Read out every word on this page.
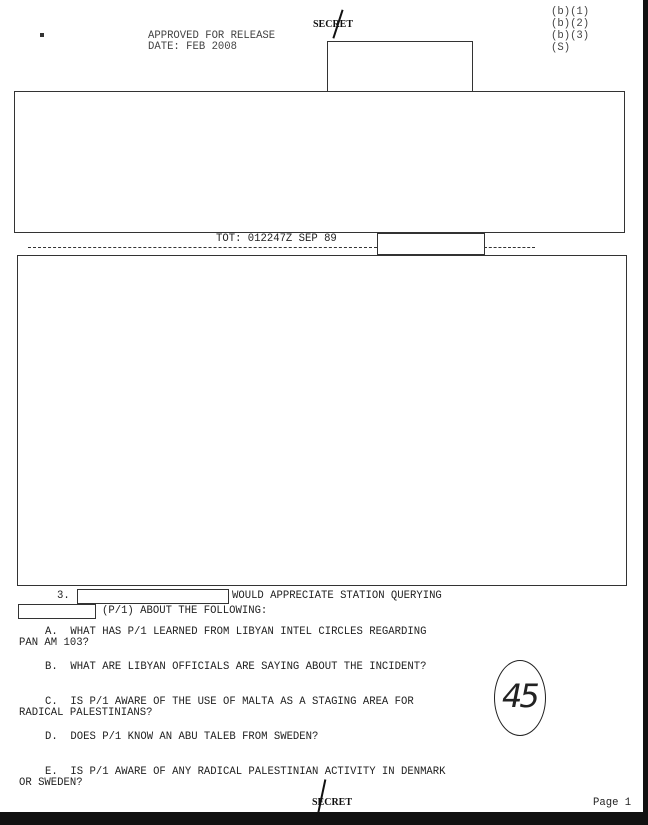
APPROVED FOR RELEASE
DATE: FEB 2008
SECRET
(b)(1)
(b)(2)
(b)(3)
(S)
TOT: 012247Z SEP 89
3.	WOULD APPRECIATE STATION QUERYING
(P/1) ABOUT THE FOLLOWING:
A.  WHAT HAS P/1 LEARNED FROM LIBYAN INTEL CIRCLES REGARDING
PAN AM 103?
B.  WHAT ARE LIBYAN OFFICIALS ARE SAYING ABOUT THE INCIDENT?
C.  IS P/1 AWARE OF THE USE OF MALTA AS A STAGING AREA FOR
RADICAL PALESTINIANS?
D.  DOES P/1 KNOW AN ABU TALEB FROM SWEDEN?
E.  IS P/1 AWARE OF ANY RADICAL PALESTINIAN ACTIVITY IN DENMARK
OR SWEDEN?
45
SECRET	Page 1
